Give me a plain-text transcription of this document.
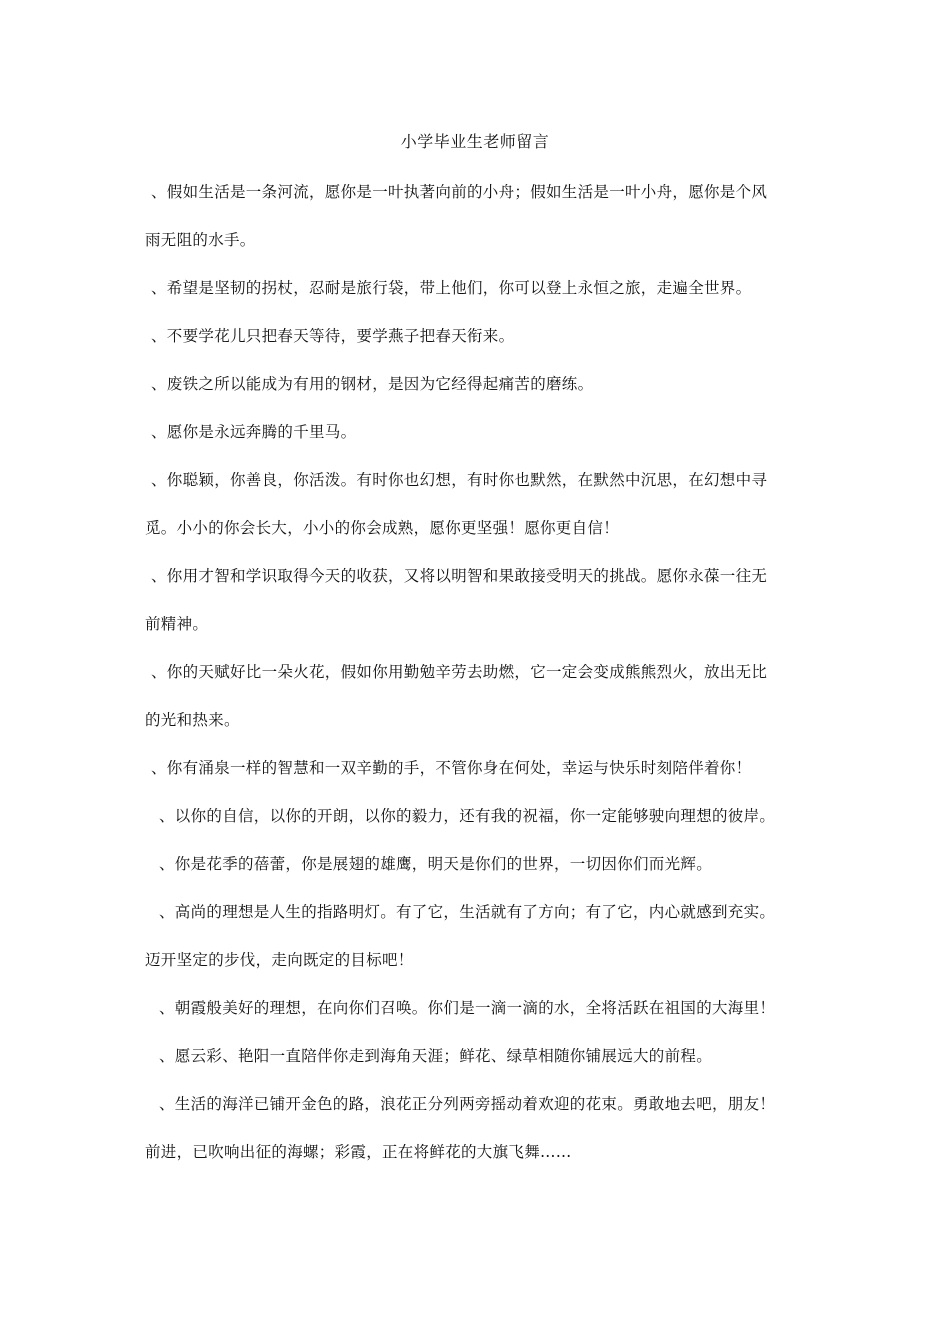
小学毕业生老师留言

、假如生活是一条河流，愿你是一叶执著向前的小舟；假如生活是一叶小舟，愿你是个风

雨无阻的水手。

、希望是坚韧的拐杖，忍耐是旅行袋，带上他们，你可以登上永恒之旅，走遍全世界。

、不要学花儿只把春天等待，要学燕子把春天衔来。

、废铁之所以能成为有用的钢材，是因为它经得起痛苦的磨练。

、愿你是永远奔腾的千里马。

、你聪颖，你善良，你活泼。有时你也幻想，有时你也默然，在默然中沉思，在幻想中寻

觅。小小的你会长大，小小的你会成熟，愿你更坚强！愿你更自信！

、你用才智和学识取得今天的收获，又将以明智和果敢接受明天的挑战。愿你永葆一往无

前精神。

、你的天赋好比一朵火花，假如你用勤勉辛劳去助燃，它一定会变成熊熊烈火，放出无比

的光和热来。

、你有涌泉一样的智慧和一双辛勤的手，不管你身在何处，幸运与快乐时刻陪伴着你！

、以你的自信，以你的开朗，以你的毅力，还有我的祝福，你一定能够驶向理想的彼岸。

、你是花季的蓓蕾，你是展翅的雄鹰，明天是你们的世界，一切因你们而光辉。

、高尚的理想是人生的指路明灯。有了它，生活就有了方向；有了它，内心就感到充实。

迈开坚定的步伐，走向既定的目标吧！

、朝霞般美好的理想，在向你们召唤。你们是一滴一滴的水，全将活跃在祖国的大海里！

、愿云彩、艳阳一直陪伴你走到海角天涯；鲜花、绿草相随你铺展远大的前程。

、生活的海洋已铺开金色的路，浪花正分列两旁摇动着欢迎的花束。勇敢地去吧，朋友！

前进，已吹响出征的海螺；彩霞，正在将鲜花的大旗飞舞……
